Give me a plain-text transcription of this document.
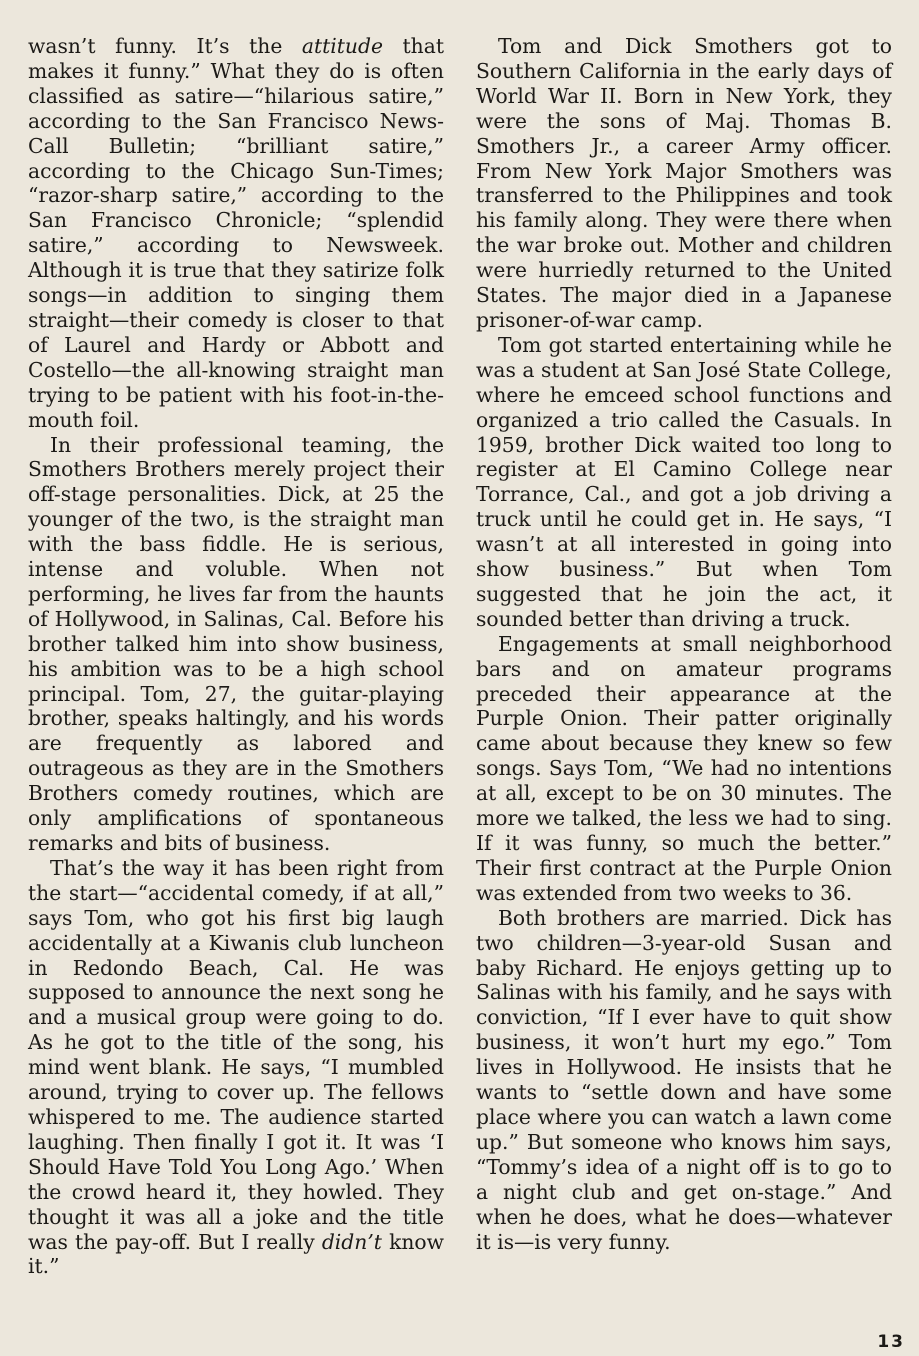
wasn’t funny. It’s the attitude that makes it funny.” What they do is often classified as satire—“hilarious satire,” according to the San Francisco News-Call Bulletin; “brilliant satire,” according to the Chicago Sun-Times; “razor-sharp satire,” according to the San Francisco Chronicle; “splendid satire,” according to Newsweek. Although it is true that they satirize folk songs—in addition to singing them straight—their comedy is closer to that of Laurel and Hardy or Abbott and Costello—the all-knowing straight man trying to be patient with his foot-in-the-mouth foil.

In their professional teaming, the Smothers Brothers merely project their off-stage personalities. Dick, at 25 the younger of the two, is the straight man with the bass fiddle. He is serious, intense and voluble. When not performing, he lives far from the haunts of Hollywood, in Salinas, Cal. Before his brother talked him into show business, his ambition was to be a high school principal. Tom, 27, the guitar-playing brother, speaks haltingly, and his words are frequently as labored and outrageous as they are in the Smothers Brothers comedy routines, which are only amplifications of spontaneous remarks and bits of business.

That’s the way it has been right from the start—“accidental comedy, if at all,” says Tom, who got his first big laugh accidentally at a Kiwanis club luncheon in Redondo Beach, Cal. He was supposed to announce the next song he and a musical group were going to do. As he got to the title of the song, his mind went blank. He says, “I mumbled around, trying to cover up. The fellows whispered to me. The audience started laughing. Then finally I got it. It was ‘I Should Have Told You Long Ago.’ When the crowd heard it, they howled. They thought it was all a joke and the title was the pay-off. But I really didn’t know it.”

Tom and Dick Smothers got to Southern California in the early days of World War II. Born in New York, they were the sons of Maj. Thomas B. Smothers Jr., a career Army officer. From New York Major Smothers was transferred to the Philippines and took his family along. They were there when the war broke out. Mother and children were hurriedly returned to the United States. The major died in a Japanese prisoner-of-war camp.

Tom got started entertaining while he was a student at San José State College, where he emceed school functions and organized a trio called the Casuals. In 1959, brother Dick waited too long to register at El Camino College near Torrance, Cal., and got a job driving a truck until he could get in. He says, “I wasn’t at all interested in going into show business.” But when Tom suggested that he join the act, it sounded better than driving a truck.

Engagements at small neighborhood bars and on amateur programs preceded their appearance at the Purple Onion. Their patter originally came about because they knew so few songs. Says Tom, “We had no intentions at all, except to be on 30 minutes. The more we talked, the less we had to sing. If it was funny, so much the better.” Their first contract at the Purple Onion was extended from two weeks to 36.

Both brothers are married. Dick has two children—3-year-old Susan and baby Richard. He enjoys getting up to Salinas with his family, and he says with conviction, “If I ever have to quit show business, it won’t hurt my ego.” Tom lives in Hollywood. He insists that he wants to “settle down and have some place where you can watch a lawn come up.” But someone who knows him says, “Tommy’s idea of a night off is to go to a night club and get on-stage.” And when he does, what he does—whatever it is—is very funny.

13
